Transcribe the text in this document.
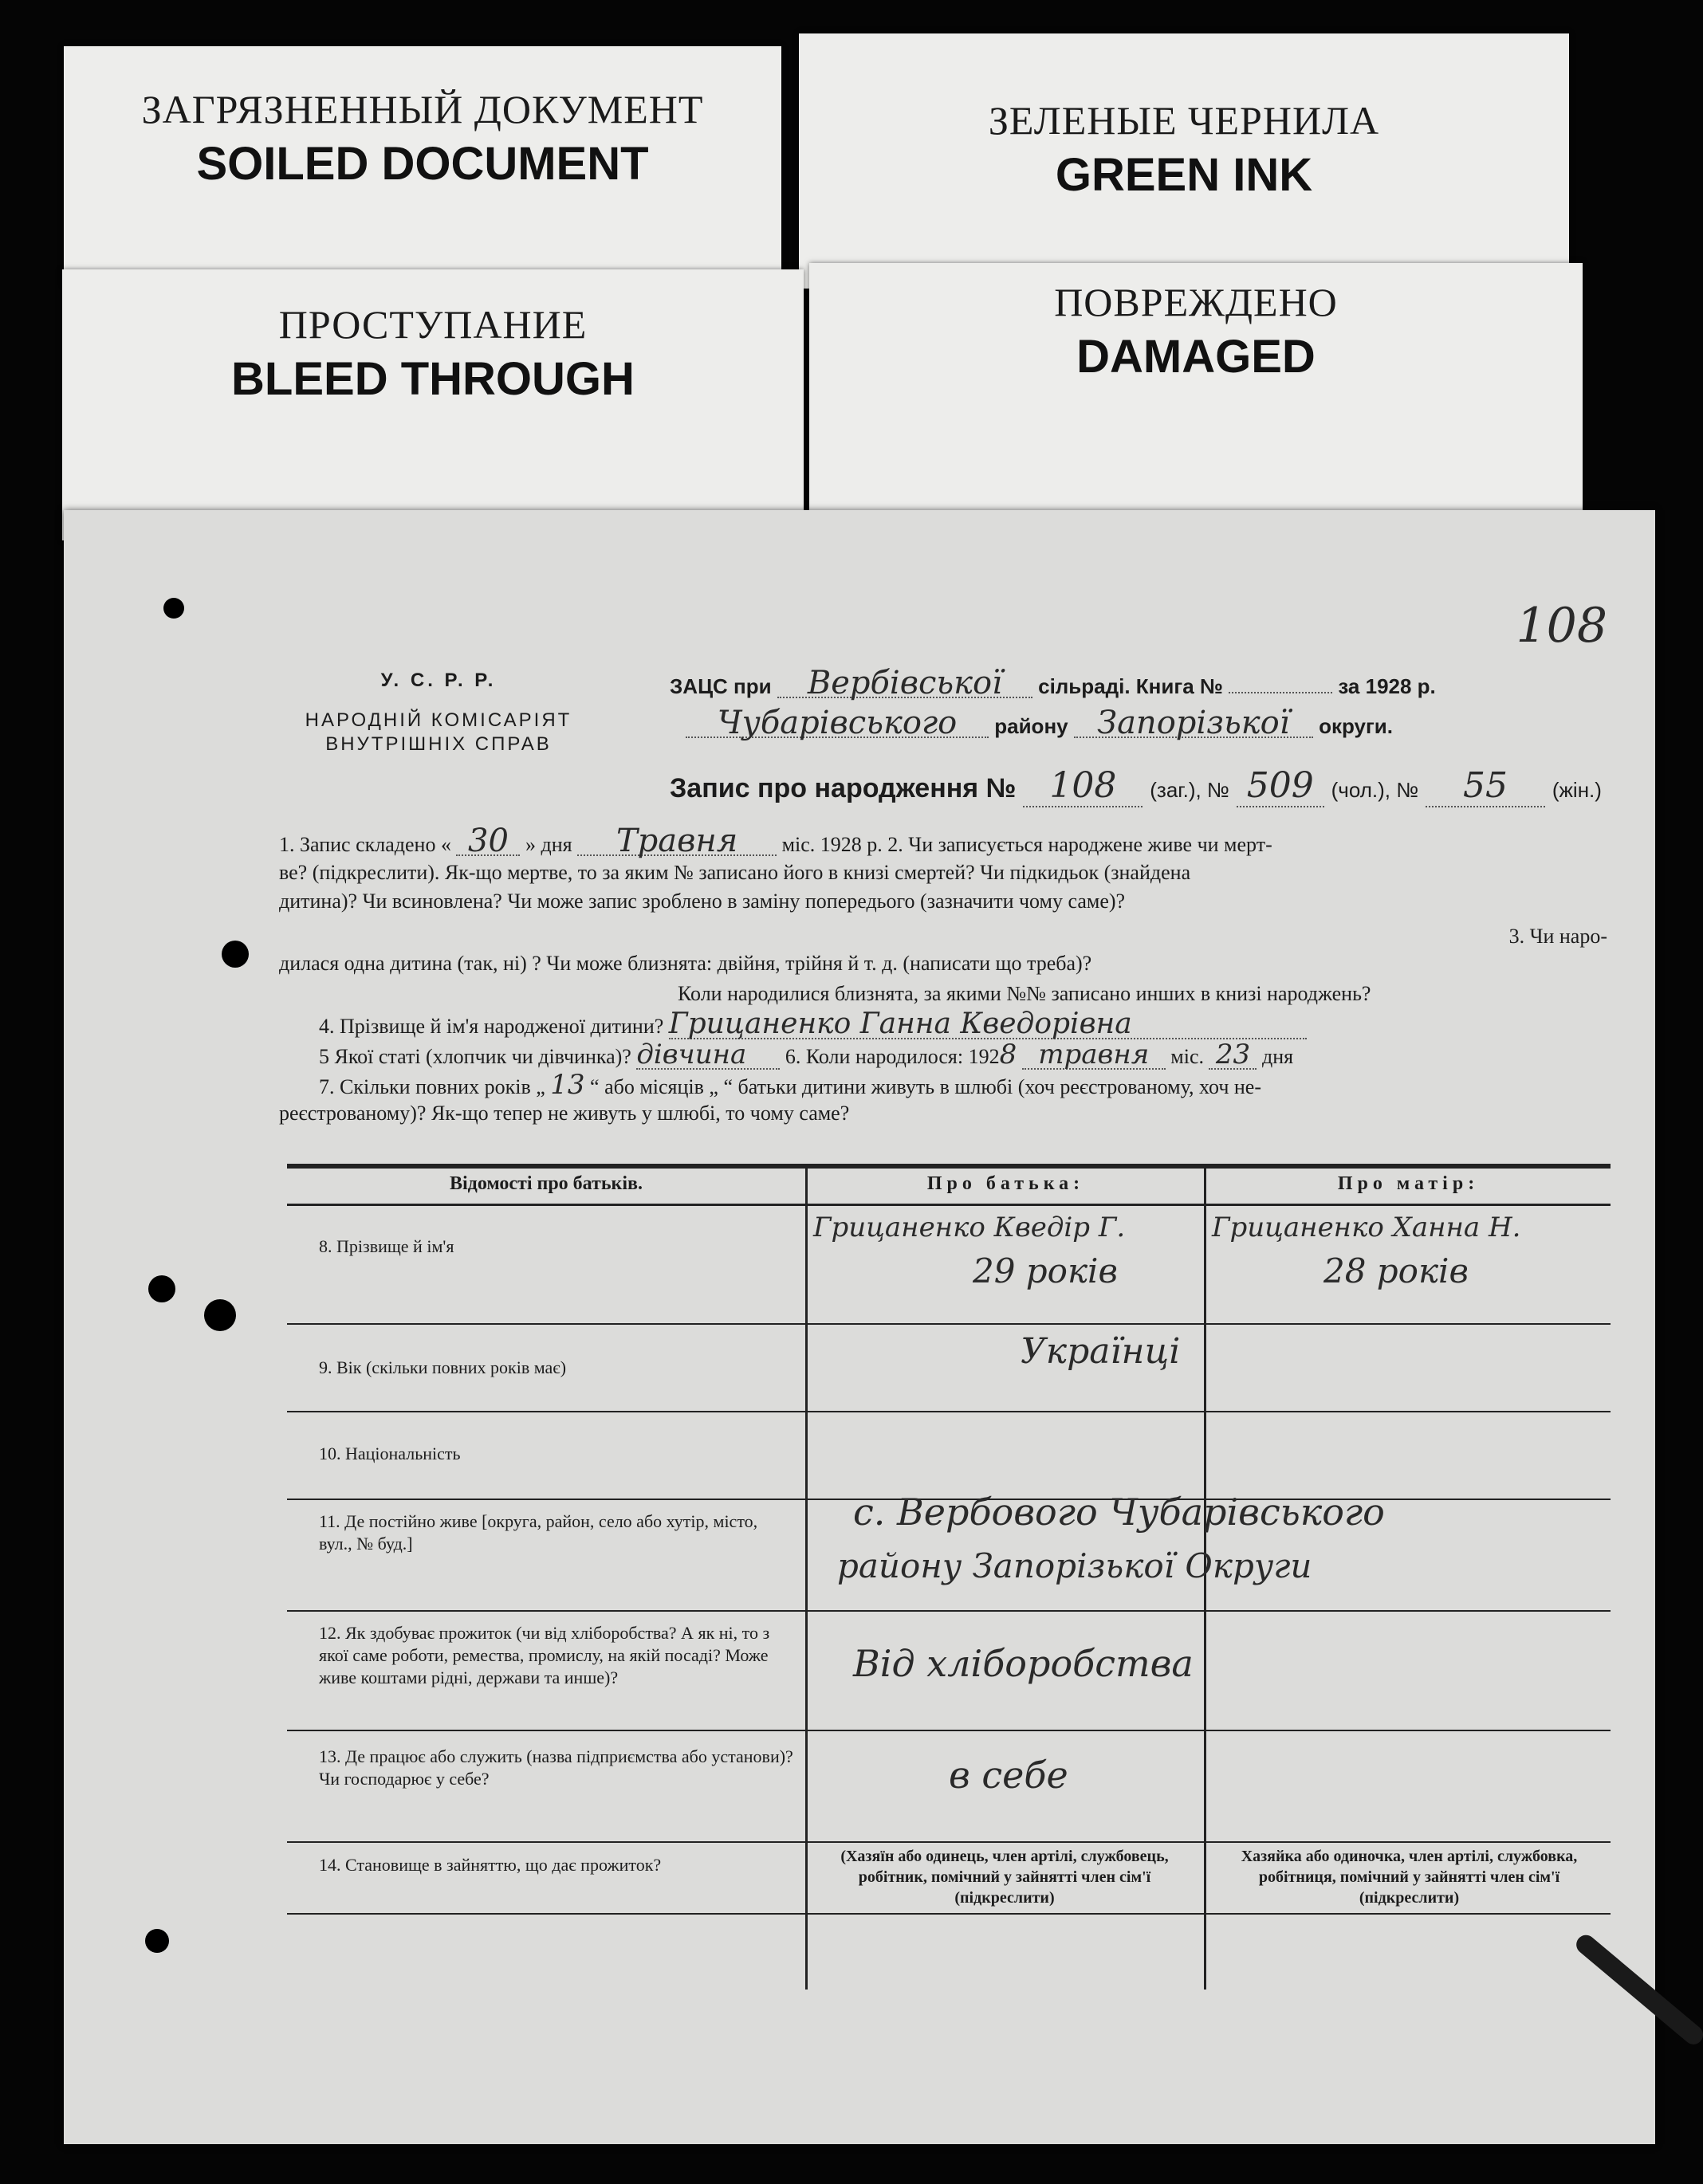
ЗАГРЯЗНЕННЫЙ ДОКУМЕНТ
SOILED DOCUMENT
ЗЕЛЕНЫЕ ЧЕРНИЛА
GREEN INK
ПРОСТУПАНИЕ
BLEED THROUGH
ПОВРЕЖДЕНО
DAMAGED
108
У. С. Р. Р.
НАРОДНІЙ КОМІСАРІЯТ
ВНУТРІШНІХ СПРАВ
ЗАЦС при Вербівської сільраді. Книга №	за 1928 р.
Чубарівського району Запорізької округи.
Запис про народження № 108 (заг.), № 509 (чол.), № 55 (жін.)
1. Запис складено « 30 » дня Травня міс. 1928 р. 2. Чи записується народжене живе чи мерт-
ве? (підкреслити). Як-що мертве, то за яким № записано його в книзі смертей? Чи підкидьок (знайдена
дитина)? Чи всиновлена? Чи може запис зроблено в заміну попередього (зазначити чому саме)?
3. Чи наро-
дилася одна дитина (так, ні) ? Чи може близнята: двійня, трійня й т. д. (написати що треба)?
Коли народилися близнята, за якими №№ записано инших в книзі народжень?
4. Прізвище й ім'я народженої дитини? Грицаненко Ганна Кведорівна
5 Якої статі (хлопчик чи дівчинка)? дівчина 6. Коли народилося: 1928 травня міс. 23 дня
7. Скільки повних років „ 13 “ або місяців „ “ батьки дитини живуть в шлюбі (хоч реєстрованому, хоч не-
реєстрованому)? Як-що тепер не живуть у шлюбі, то чому саме?
Відомості про батьків.	Про батька:	Про матір:
8. Прізвище й ім'я
Грицаненко Кведір Г.	Грицаненко Ханна Н.
29 років	28 років
9. Вік (скільки повних років має)	Українці
10. Національність
11. Де постійно живе [округа, район, село або хутір, місто, вул., № буд.]
с. Вербового Чубарівського
району Запорізької Округи
12. Як здобуває прожиток (чи від хліборобства? А як ні, то з якої саме роботи, ремества, промислу, на якій посаді? Може живе коштами рідні, держави та инше)?	Від хліборобства
13. Де працює або служить (назва підприємства або установи)? Чи господарює у себе?	в себе
14. Становище в зайняттю, що дає прожиток?	(Хазяїн або одинець, член артілі, службовець, робітник, помічний у зайнятті член сім'ї (підкреслити)
Хазяйка або одиночка, член артілі, службовка, робітниця, помічний у зайнятті член сім'ї (підкреслити)
